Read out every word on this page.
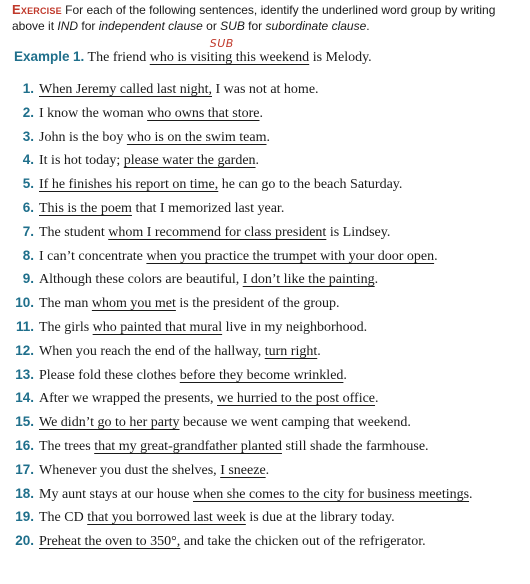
Exercise For each of the following sentences, identify the underlined word group by writing above it IND for independent clause or SUB for subordinate clause.
Example 1. The friend
SUB
who is visiting this weekend is Melody.
1. When Jeremy called last night, I was not at home.
2. I know the woman who owns that store.
3. John is the boy who is on the swim team.
4. It is hot today; please water the garden.
5. If he finishes his report on time, he can go to the beach Saturday.
6. This is the poem that I memorized last year.
7. The student whom I recommend for class president is Lindsey.
8. I can’t concentrate when you practice the trumpet with your door open.
9. Although these colors are beautiful, I don’t like the painting.
10. The man whom you met is the president of the group.
11. The girls who painted that mural live in my neighborhood.
12. When you reach the end of the hallway, turn right.
13. Please fold these clothes before they become wrinkled.
14. After we wrapped the presents, we hurried to the post office.
15. We didn’t go to her party because we went camping that weekend.
16. The trees that my great-grandfather planted still shade the farmhouse.
17. Whenever you dust the shelves, I sneeze.
18. My aunt stays at our house when she comes to the city for business meetings.
19. The CD that you borrowed last week is due at the library today.
20. Preheat the oven to 350°, and take the chicken out of the refrigerator.
